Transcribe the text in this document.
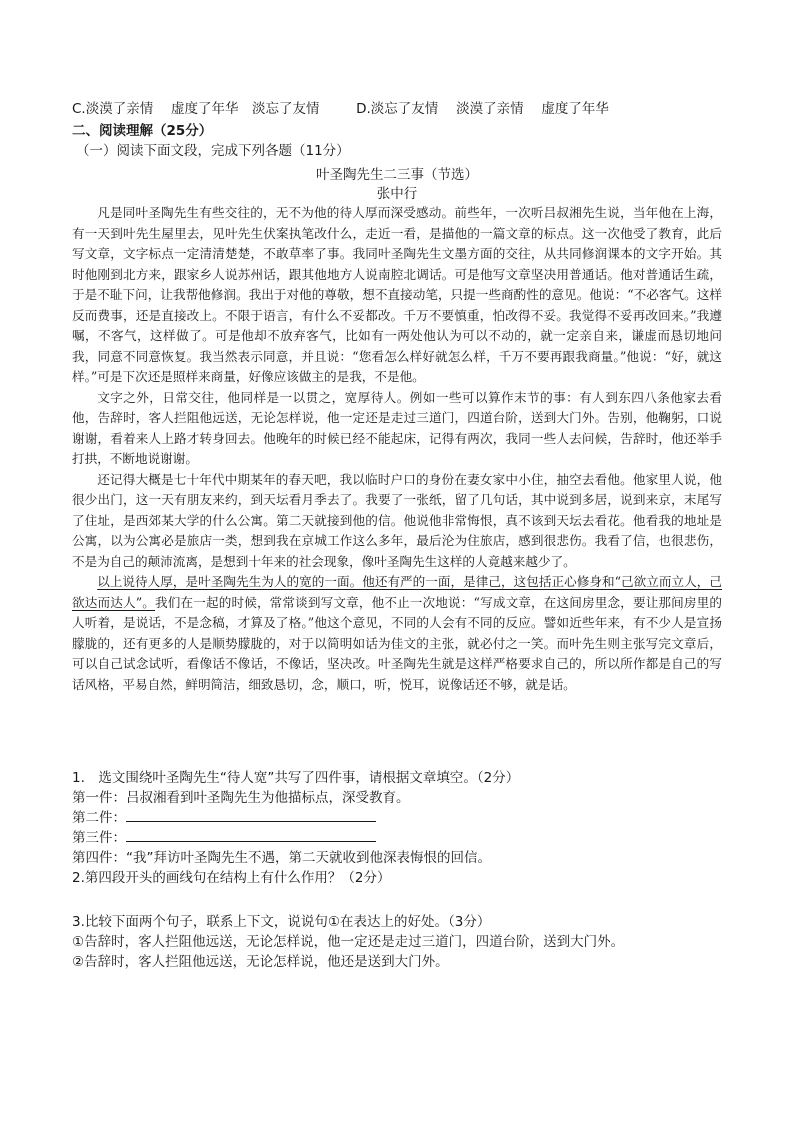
C.淡漠了亲情　 虚度了年华　淡忘了友情	D.淡忘了友情　 淡漠了亲情　 虚度了年华
二、阅读理解（25分）
（一）阅读下面文段，完成下列各题（11分）
叶圣陶先生二三事（节选）
张中行

凡是同叶圣陶先生有些交往的，无不为他的待人厚而深受感动。前些年，一次听吕叔湘先生说，当年他在上海，有一天到叶先生屋里去，见叶先生伏案执笔改什么，走近一看，是描他的一篇文章的标点。这一次他受了教育，此后写文章，文字标点一定清清楚楚，不敢草率了事。我同叶圣陶先生文墨方面的交往，从共同修润课本的文字开始。其时他刚到北方来，跟家乡人说苏州话，跟其他地方人说南腔北调话。可是他写文章坚决用普通话。他对普通话生疏，于是不耻下问，让我帮他修润。我出于对他的尊敬，想不直接动笔，只提一些商酌性的意见。他说：“不必客气。这样反而费事，还是直接改上。不限于语言，有什么不妥都改。千万不要慎重，怕改得不妥。我觉得不妥再改回来。”我遵嘱，不客气，这样做了。可是他却不放弃客气，比如有一两处他认为可以不动的，就一定亲自来，谦虚而恳切地问我，同意不同意恢复。我当然表示同意，并且说：“您看怎么样好就怎么样，千万不要再跟我商量。”他说：“好，就这样。”可是下次还是照样来商量，好像应该做主的是我，不是他。

文字之外，日常交往，他同样是一以贯之，宽厚待人。例如一些可以算作末节的事：有人到东四八条他家去看他，告辞时，客人拦阻他远送，无论怎样说，他一定还是走过三道门，四道台阶，送到大门外。告别，他鞠躬，口说谢谢，看着来人上路才转身回去。他晚年的时候已经不能起床，记得有两次，我同一些人去问候，告辞时，他还举手打拱，不断地说谢谢。

还记得大概是七十年代中期某年的春天吧，我以临时户口的身份在妻女家中小住，抽空去看他。他家里人说，他很少出门，这一天有朋友来约，到天坛看月季去了。我要了一张纸，留了几句话，其中说到多居，说到来京，末尾写了住址，是西郊某大学的什么公寓。第二天就接到他的信。他说他非常悔恨，真不该到天坛去看花。他看我的地址是公寓，以为公寓必是旅店一类，想到我在京城工作这么多年，最后沦为住旅店，感到很悲伤。我看了信，也很悲伤，不是为自己的颠沛流离，是想到十年来的社会现象，像叶圣陶先生这样的人竟越来越少了。

以上说待人厚，是叶圣陶先生为人的宽的一面。他还有严的一面，是律己，这包括正心修身和“己欲立而立人，己欲达而达人”。我们在一起的时候，常常谈到写文章，他不止一次地说：“写成文章，在这间房里念，要让那间房里的人听着，是说话，不是念稿，才算及了格。”他这个意见，不同的人会有不同的反应。譬如近些年来，有不少人是宣扬朦胧的，还有更多的人是顺势朦胧的，对于以简明如话为佳文的主张，就必付之一笑。而叶先生则主张写完文章后，可以自己试念试听，看像话不像话，不像话，坚决改。叶圣陶先生就是这样严格要求自己的，所以所作都是自己的写话风格，平易自然，鲜明简洁，细致恳切，念，顺口，听，悦耳，说像话还不够，就是话。

1.　选文围绕叶圣陶先生“待人宽”共写了四件事，请根据文章填空。（2分）
第一件：吕叔湘看到叶圣陶先生为他描标点，深受教育。
第二件：
第三件：
第四件：“我”拜访叶圣陶先生不遇，第二天就收到他深表悔恨的回信。
2.第四段开头的画线句在结构上有什么作用？（2分）
3.比较下面两个句子，联系上下文，说说句①在表达上的好处。（3分）
①告辞时，客人拦阻他远送，无论怎样说，他一定还是走过三道门，四道台阶，送到大门外。
②告辞时，客人拦阻他远送，无论怎样说，他还是送到大门外。
